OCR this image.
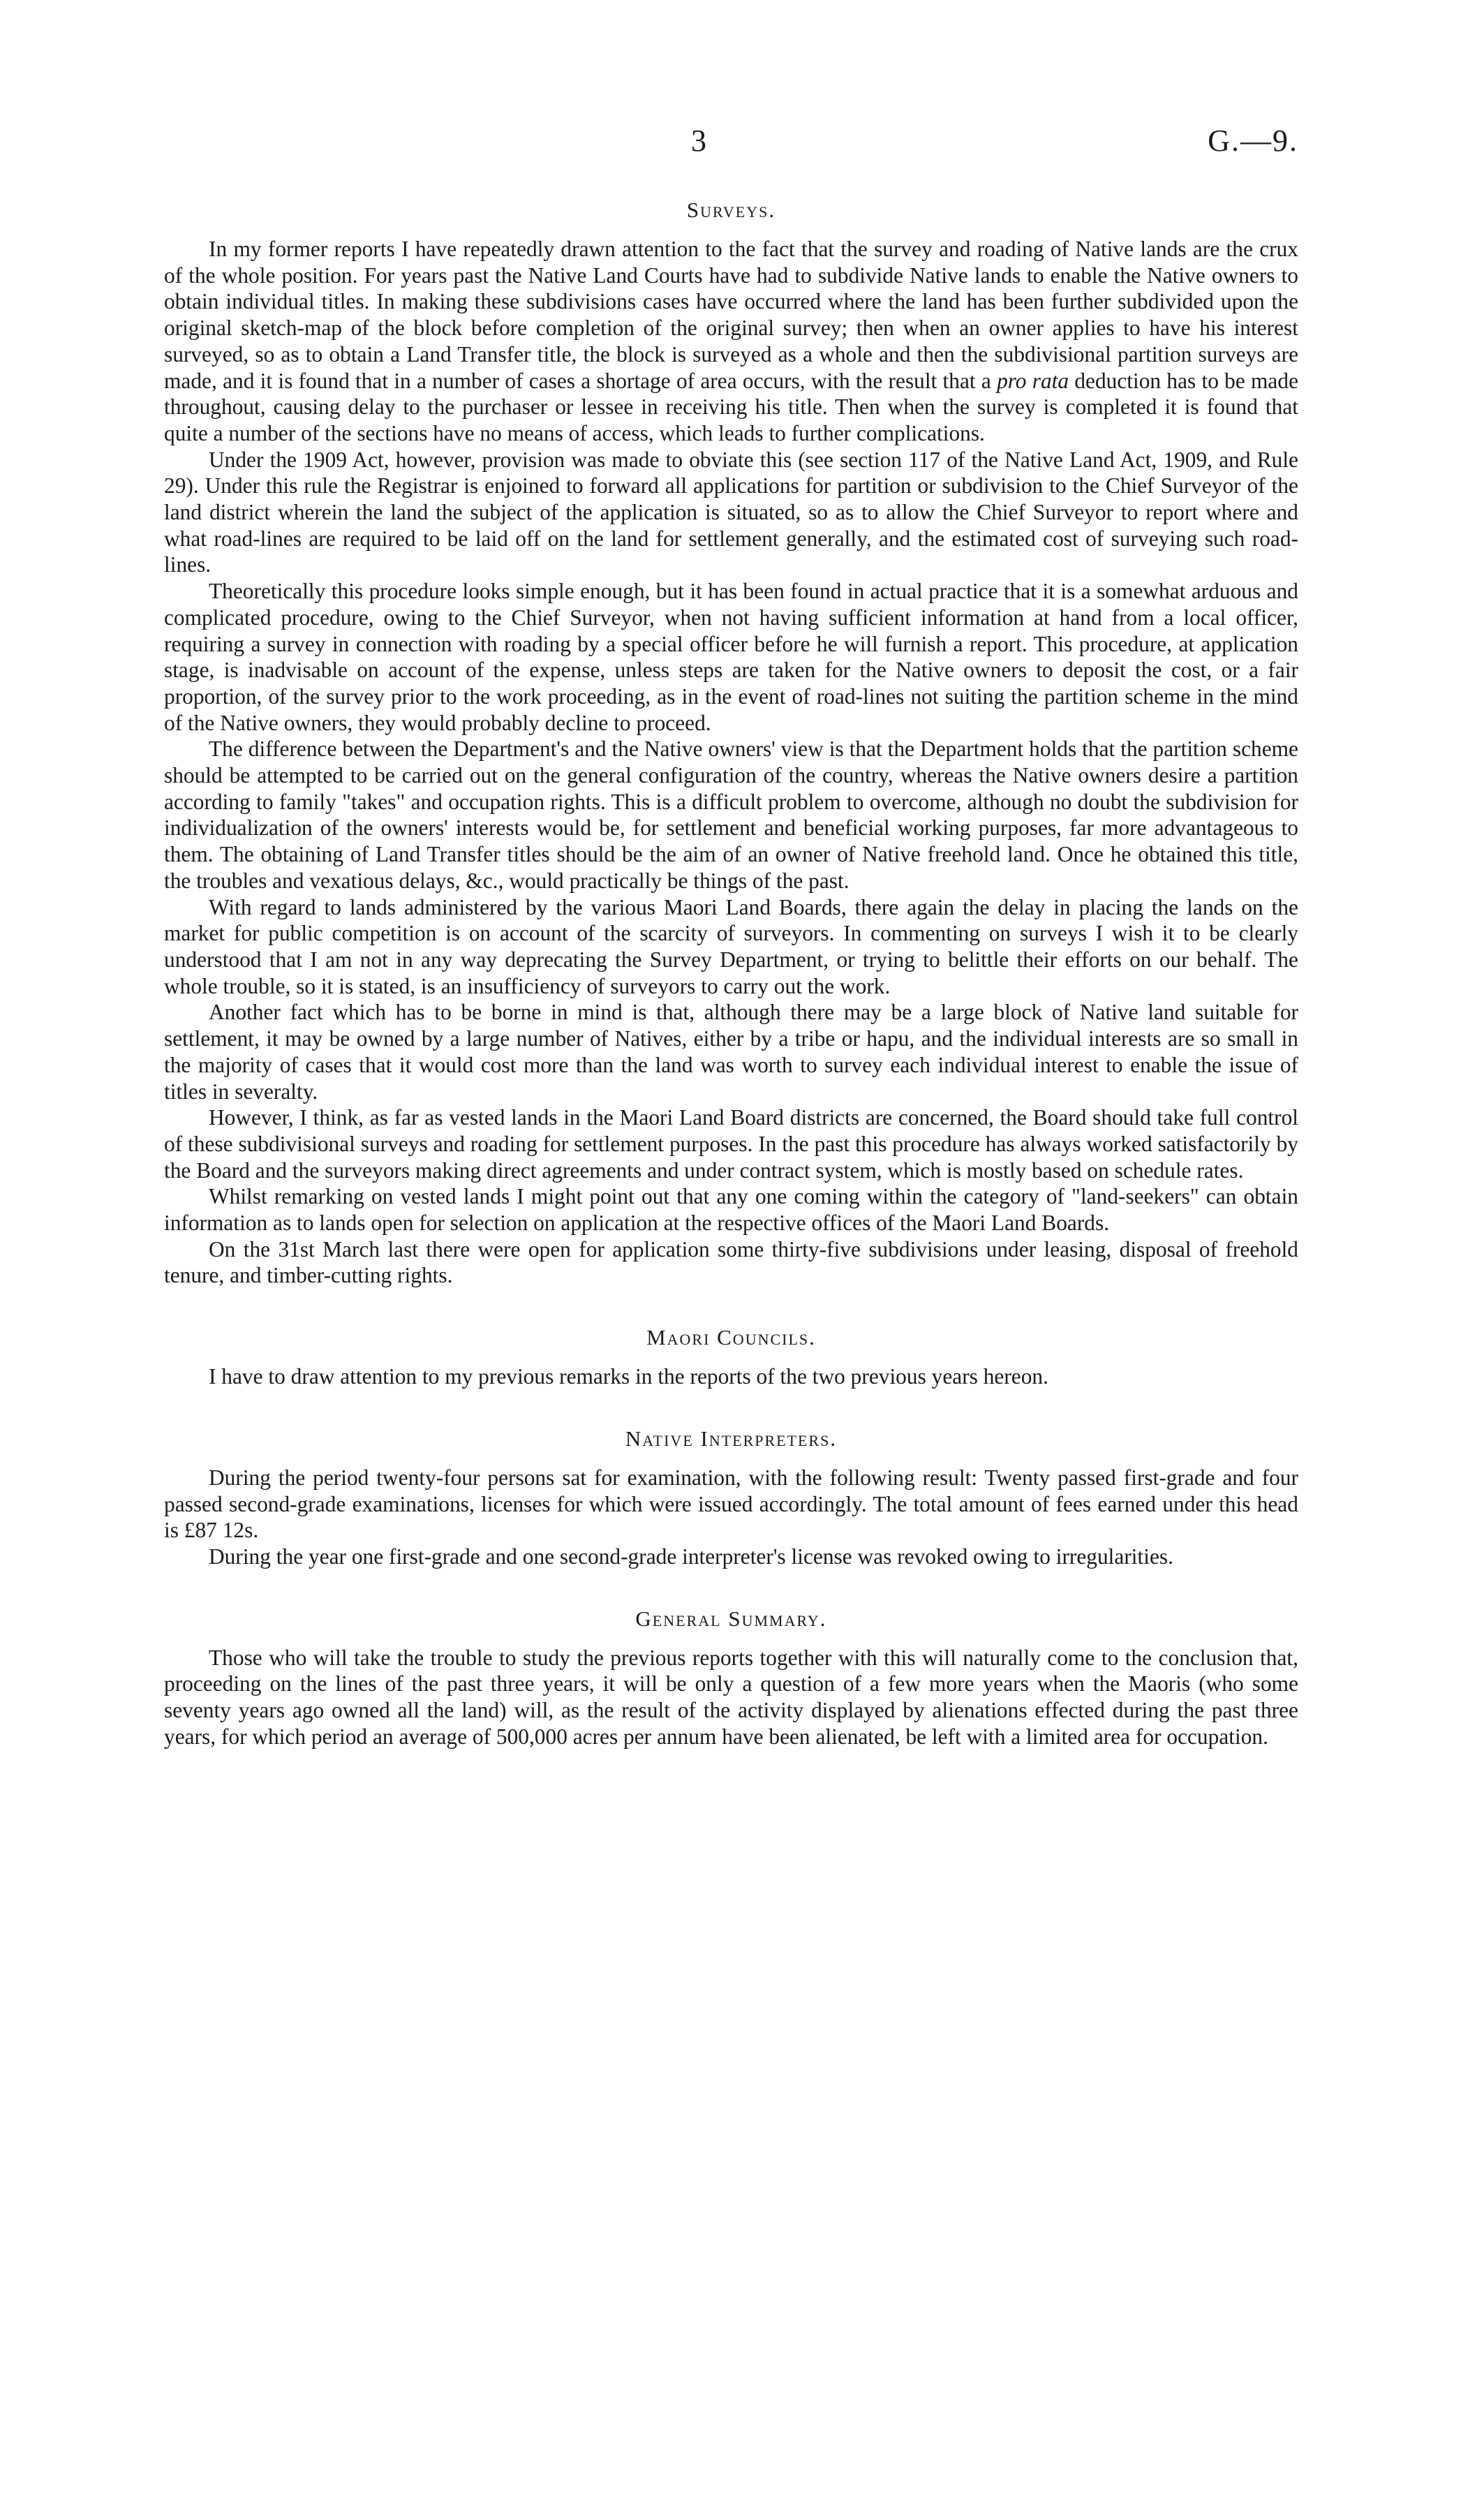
3	G.—9.
Surveys.

In my former reports I have repeatedly drawn attention to the fact that the survey and roading of Native lands are the crux of the whole position. For years past the Native Land Courts have had to subdivide Native lands to enable the Native owners to obtain individual titles. In making these subdivisions cases have occurred where the land has been further subdivided upon the original sketch-map of the block before completion of the original survey; then when an owner applies to have his interest surveyed, so as to obtain a Land Transfer title, the block is surveyed as a whole and then the subdivisional partition surveys are made, and it is found that in a number of cases a shortage of area occurs, with the result that a pro rata deduction has to be made throughout, causing delay to the purchaser or lessee in receiving his title. Then when the survey is completed it is found that quite a number of the sections have no means of access, which leads to further complications.

Under the 1909 Act, however, provision was made to obviate this (see section 117 of the Native Land Act, 1909, and Rule 29). Under this rule the Registrar is enjoined to forward all applications for partition or subdivision to the Chief Surveyor of the land district wherein the land the subject of the application is situated, so as to allow the Chief Surveyor to report where and what road-lines are required to be laid off on the land for settlement generally, and the estimated cost of surveying such road-lines.

Theoretically this procedure looks simple enough, but it has been found in actual practice that it is a somewhat arduous and complicated procedure, owing to the Chief Surveyor, when not having sufficient information at hand from a local officer, requiring a survey in connection with roading by a special officer before he will furnish a report. This procedure, at application stage, is inadvisable on account of the expense, unless steps are taken for the Native owners to deposit the cost, or a fair proportion, of the survey prior to the work proceeding, as in the event of road-lines not suiting the partition scheme in the mind of the Native owners, they would probably decline to proceed.

The difference between the Department's and the Native owners' view is that the Department holds that the partition scheme should be attempted to be carried out on the general configuration of the country, whereas the Native owners desire a partition according to family "takes" and occupation rights. This is a difficult problem to overcome, although no doubt the subdivision for individualization of the owners' interests would be, for settlement and beneficial working purposes, far more advantageous to them. The obtaining of Land Transfer titles should be the aim of an owner of Native freehold land. Once he obtained this title, the troubles and vexatious delays, &c., would practically be things of the past.

With regard to lands administered by the various Maori Land Boards, there again the delay in placing the lands on the market for public competition is on account of the scarcity of surveyors. In commenting on surveys I wish it to be clearly understood that I am not in any way deprecating the Survey Department, or trying to belittle their efforts on our behalf. The whole trouble, so it is stated, is an insufficiency of surveyors to carry out the work.

Another fact which has to be borne in mind is that, although there may be a large block of Native land suitable for settlement, it may be owned by a large number of Natives, either by a tribe or hapu, and the individual interests are so small in the majority of cases that it would cost more than the land was worth to survey each individual interest to enable the issue of titles in severalty.

However, I think, as far as vested lands in the Maori Land Board districts are concerned, the Board should take full control of these subdivisional surveys and roading for settlement purposes. In the past this procedure has always worked satisfactorily by the Board and the surveyors making direct agreements and under contract system, which is mostly based on schedule rates.

Whilst remarking on vested lands I might point out that any one coming within the category of "land-seekers" can obtain information as to lands open for selection on application at the respective offices of the Maori Land Boards.

On the 31st March last there were open for application some thirty-five subdivisions under leasing, disposal of freehold tenure, and timber-cutting rights.

Maori Councils.

I have to draw attention to my previous remarks in the reports of the two previous years hereon.

Native Interpreters.

During the period twenty-four persons sat for examination, with the following result: Twenty passed first-grade and four passed second-grade examinations, licenses for which were issued accordingly. The total amount of fees earned under this head is £87 12s.

During the year one first-grade and one second-grade interpreter's license was revoked owing to irregularities.

General Summary.

Those who will take the trouble to study the previous reports together with this will naturally come to the conclusion that, proceeding on the lines of the past three years, it will be only a question of a few more years when the Maoris (who some seventy years ago owned all the land) will, as the result of the activity displayed by alienations effected during the past three years, for which period an average of 500,000 acres per annum have been alienated, be left with a limited area for occupation.
